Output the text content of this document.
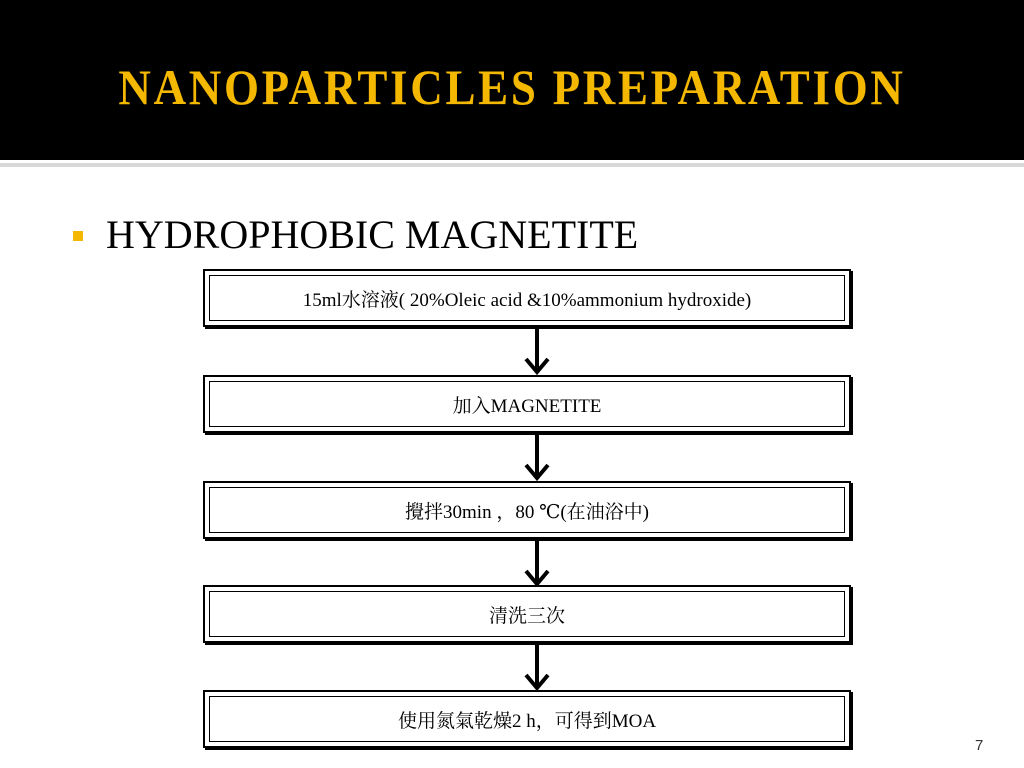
NANOPARTICLES PREPARATION
HYDROPHOBIC MAGNETITE
15ml水溶液( 20%Oleic acid &10%ammonium hydroxide)
加入MAGNETITE
攪拌30min ，80 ℃(在油浴中)
清洗三次
使用氮氣乾燥2 h，可得到MOA
7
